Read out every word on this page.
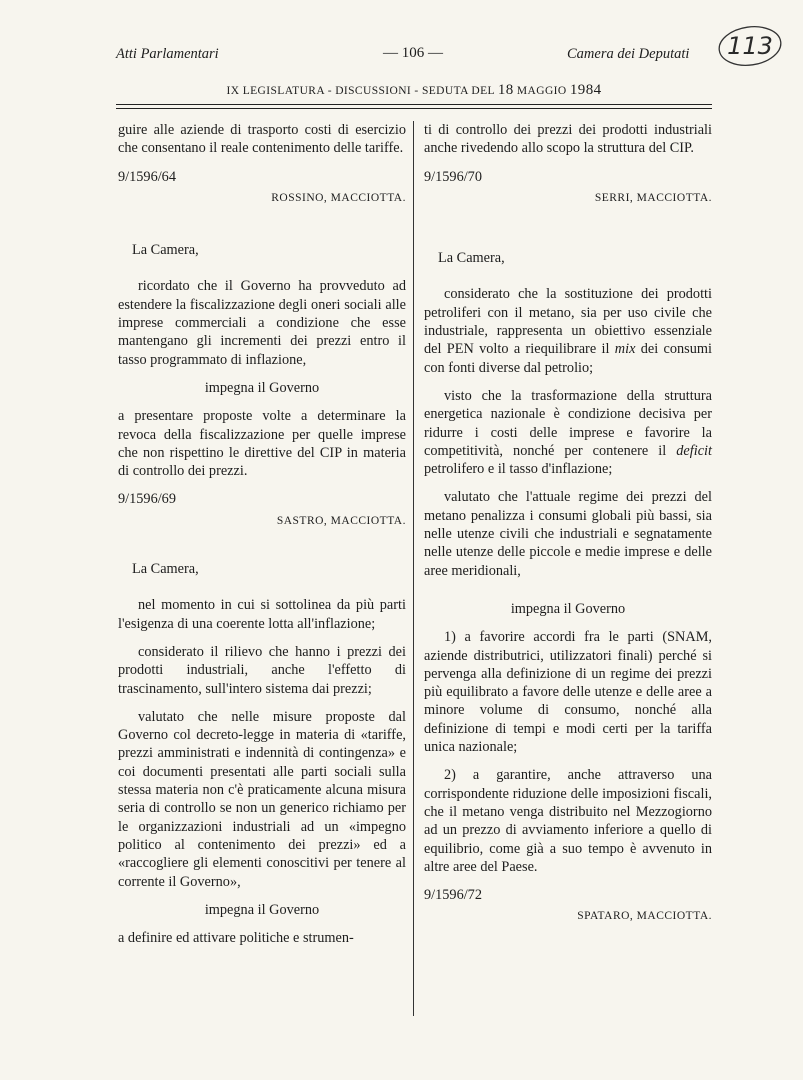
Atti Parlamentari	— 106 —	Camera dei Deputati 113
IX LEGISLATURA - DISCUSSIONI - SEDUTA DEL 18 MAGGIO 1984

guire alle aziende di trasporto costi di esercizio che consentano il reale contenimento delle tariffe.

9/1596/64
ROSSINO, MACCIOTTA.
La Camera,

ricordato che il Governo ha provveduto ad estendere la fiscalizzazione degli oneri sociali alle imprese commerciali a condizione che esse mantengano gli incrementi dei prezzi entro il tasso programmato di inflazione,

impegna il Governo

a presentare proposte volte a determinare la revoca della fiscalizzazione per quelle imprese che non rispettino le direttive del CIP in materia di controllo dei prezzi.

9/1596/69
SASTRO, MACCIOTTA.
La Camera,

nel momento in cui si sottolinea da più parti l'esigenza di una coerente lotta all'inflazione;

considerato il rilievo che hanno i prezzi dei prodotti industriali, anche l'effetto di trascinamento, sull'intero sistema dai prezzi;

valutato che nelle misure proposte dal Governo col decreto-legge in materia di «tariffe, prezzi amministrati e indennità di contingenza» e coi documenti presentati alle parti sociali sulla stessa materia non c'è praticamente alcuna misura seria di controllo se non un generico richiamo per le organizzazioni industriali ad un «impegno politico al contenimento dei prezzi» ed a «raccogliere gli elementi conoscitivi per tenere al corrente il Governo»,

impegna il Governo

a definire ed attivare politiche e strumen-

ti di controllo dei prezzi dei prodotti industriali anche rivedendo allo scopo la struttura del CIP.

9/1596/70
SERRI, MACCIOTTA.
La Camera,

considerato che la sostituzione dei prodotti petroliferi con il metano, sia per uso civile che industriale, rappresenta un obiettivo essenziale del PEN volto a riequilibrare il mix dei consumi con fonti diverse dal petrolio;

visto che la trasformazione della struttura energetica nazionale è condizione decisiva per ridurre i costi delle imprese e favorire la competitività, nonché per contenere il deficit petrolifero e il tasso d'inflazione;

valutato che l'attuale regime dei prezzi del metano penalizza i consumi globali più bassi, sia nelle utenze civili che industriali e segnatamente nelle utenze delle piccole e medie imprese e delle aree meridionali,

impegna il Governo

1) a favorire accordi fra le parti (SNAM, aziende distributrici, utilizzatori finali) perché si pervenga alla definizione di un regime dei prezzi più equilibrato a favore delle utenze e delle aree a minore volume di consumo, nonché alla definizione di tempi e modi certi per la tariffa unica nazionale;

2) a garantire, anche attraverso una corrispondente riduzione delle imposizioni fiscali, che il metano venga distribuito nel Mezzogiorno ad un prezzo di avviamento inferiore a quello di equilibrio, come già a suo tempo è avvenuto in altre aree del Paese.

9/1596/72
SPATARO, MACCIOTTA.
